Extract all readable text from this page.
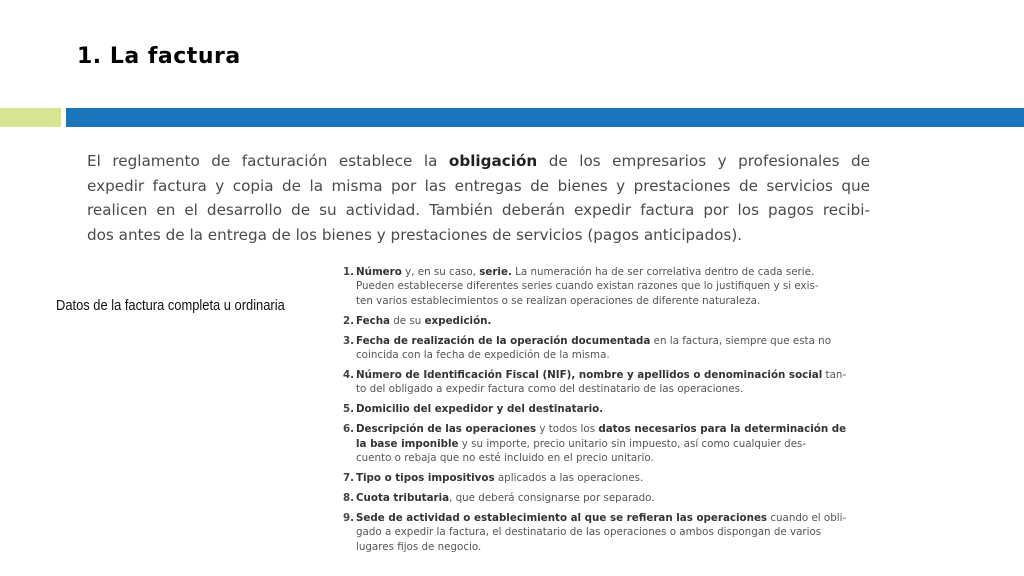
1. La factura

El reglamento de facturación establece la obligación de los empresarios y profesionales de
expedir factura y copia de la misma por las entregas de bienes y prestaciones de servicios que
realicen en el desarrollo de su actividad. También deberán expedir factura por los pagos recibi-
dos antes de la entrega de los bienes y prestaciones de servicios (pagos anticipados).

Datos de la factura completa u ordinaria

1. Número y, en su caso, serie. La numeración ha de ser correlativa dentro de cada serie.
Pueden establecerse diferentes series cuando existan razones que lo justifiquen y si exis-
ten varios establecimientos o se realizan operaciones de diferente naturaleza.
2. Fecha de su expedición.
3. Fecha de realización de la operación documentada en la factura, siempre que esta no
coincida con la fecha de expedición de la misma.
4. Número de Identificación Fiscal (NIF), nombre y apellidos o denominación social tan-
to del obligado a expedir factura como del destinatario de las operaciones.
5. Domicilio del expedidor y del destinatario.
6. Descripción de las operaciones y todos los datos necesarios para la determinación de
la base imponible y su importe, precio unitario sin impuesto, así como cualquier des-
cuento o rebaja que no esté incluido en el precio unitario.
7. Tipo o tipos impositivos aplicados a las operaciones.
8. Cuota tributaria, que deberá consignarse por separado.
9. Sede de actividad o establecimiento al que se refieran las operaciones cuando el obli-
gado a expedir la factura, el destinatario de las operaciones o ambos dispongan de varios
lugares fijos de negocio.
